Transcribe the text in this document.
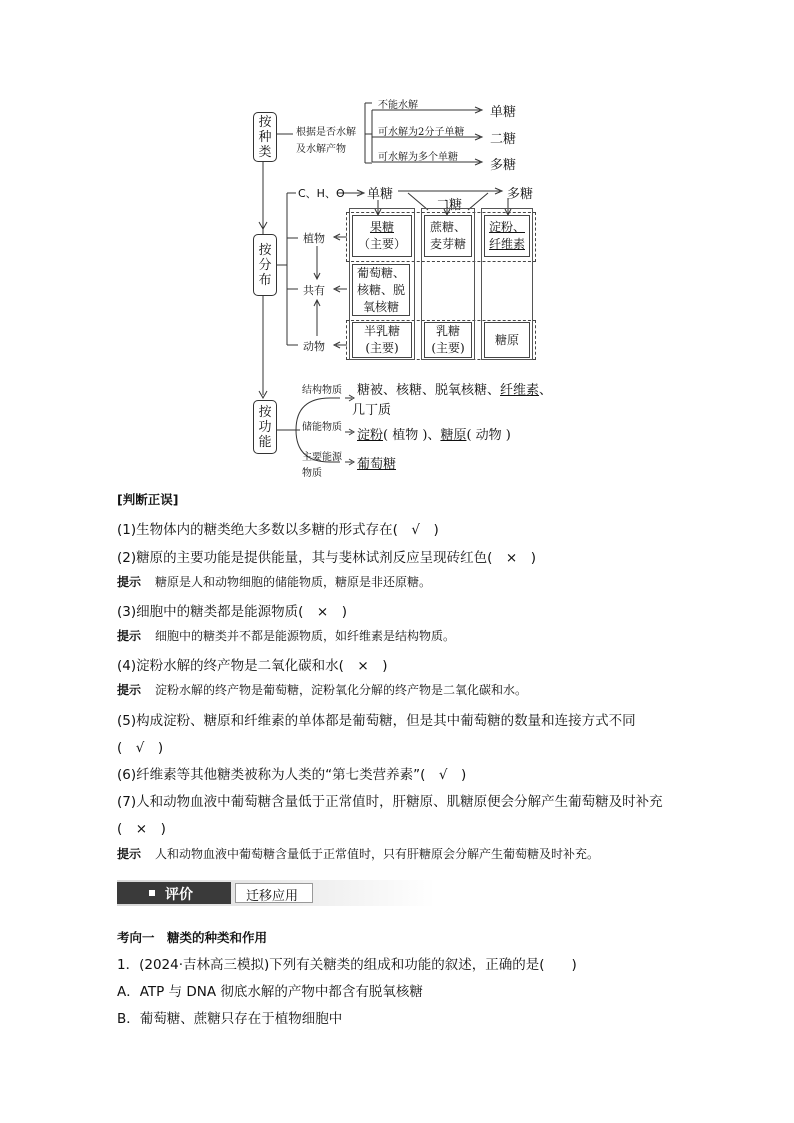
按种类
按分布
按功能
根据是否水解
及水解产物
不能水解
可水解为2分子单糖
可水解为多个单糖
单糖
二糖
多糖
C、H、O 单糖
二糖
多糖
植物
共有
动物
果糖
（主要）
蔗糖、麦芽糖
淀粉、纤维素
葡萄糖、
核糖、脱
氧核糖
半乳糖
(主要)
乳糖
(主要)
糖原
结构物质 糖被、核糖、脱氧核糖、纤维素、
几丁质
储能物质
淀粉( 植物 )、糖原( 动物 )
主要能源
物质
葡萄糖
[判断正误]
(1)生物体内的糖类绝大多数以多糖的形式存在(　√　)
(2)糖原的主要功能是提供能量，其与斐林试剂反应呈现砖红色(　×　)
提示 糖原是人和动物细胞的储能物质，糖原是非还原糖。
(3)细胞中的糖类都是能源物质(　×　)
提示 细胞中的糖类并不都是能源物质，如纤维素是结构物质。
(4)淀粉水解的终产物是二氧化碳和水(　×　)
提示 淀粉水解的终产物是葡萄糖，淀粉氧化分解的终产物是二氧化碳和水。
(5)构成淀粉、糖原和纤维素的单体都是葡萄糖，但是其中葡萄糖的数量和连接方式不同
(　√　)
(6)纤维素等其他糖类被称为人类的“第七类营养素”(　√　)
(7)人和动物血液中葡萄糖含量低于正常值时，肝糖原、肌糖原便会分解产生葡萄糖及时补充
(　×　)
提示 人和动物血液中葡萄糖含量低于正常值时，只有肝糖原会分解产生葡萄糖及时补充。
评价	迁移应用
考向一　糖类的种类和作用
1．(2024·吉林高三模拟)下列有关糖类的组成和功能的叙述，正确的是(　　)
A．ATP 与 DNA 彻底水解的产物中都含有脱氧核糖
B．葡萄糖、蔗糖只存在于植物细胞中
